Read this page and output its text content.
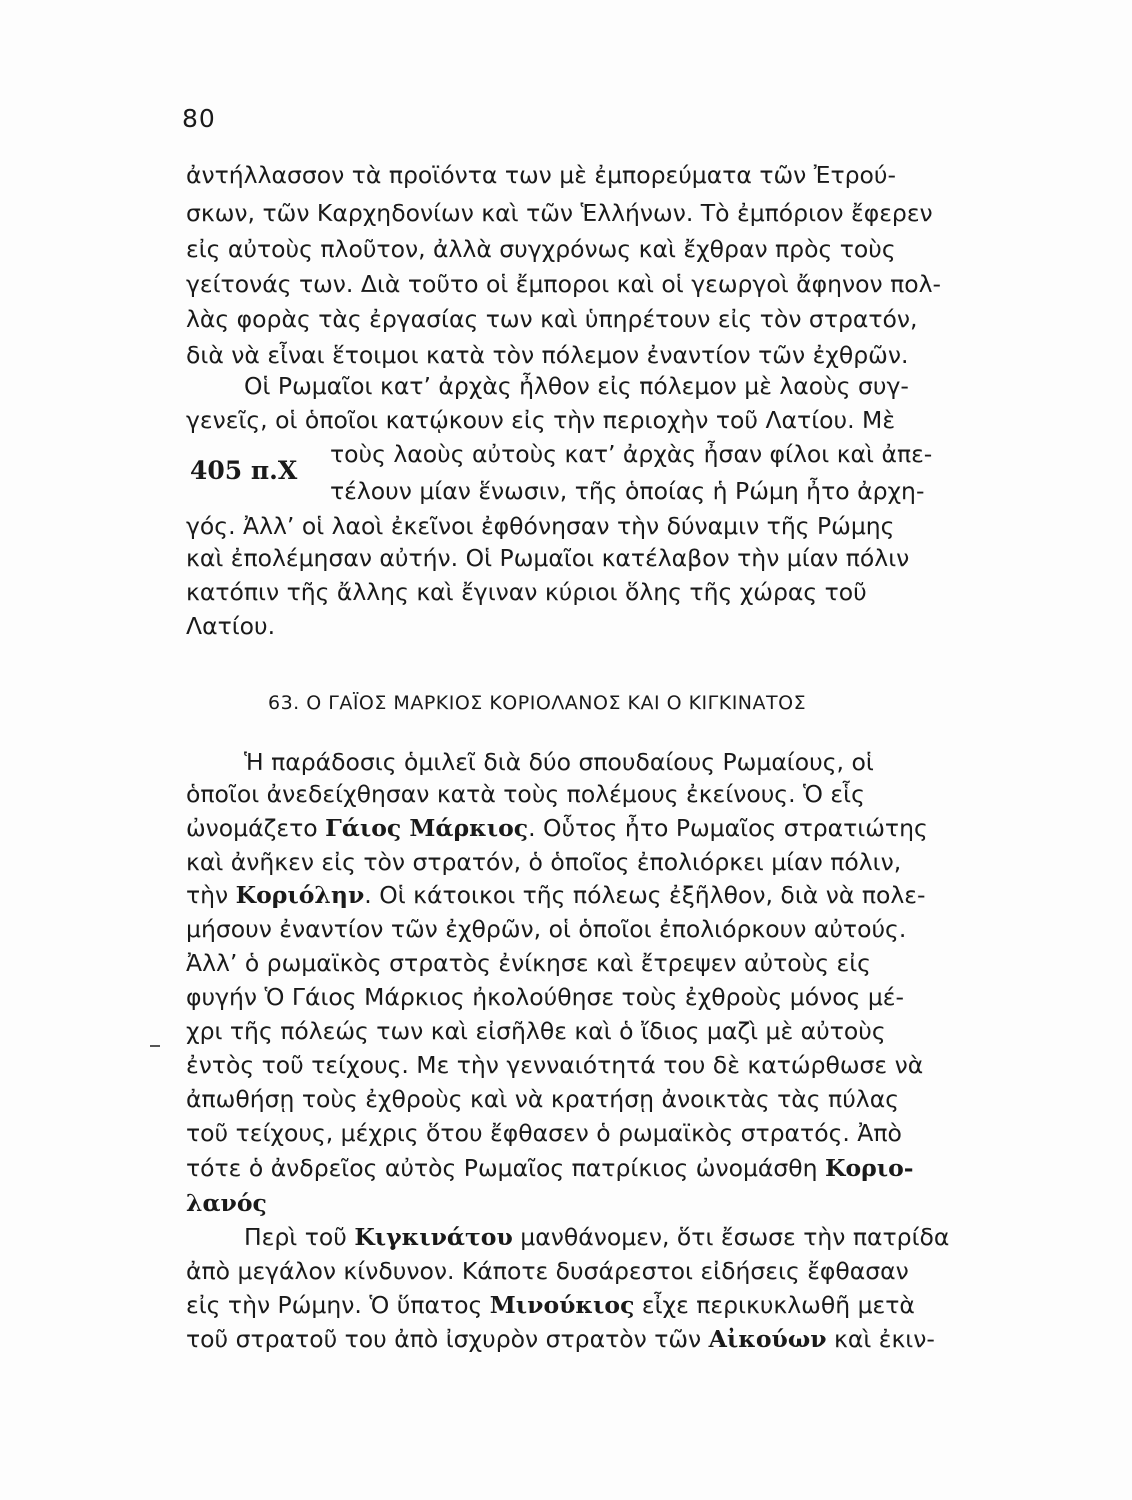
80
ἀντήλλασσον τὰ προϊόντα των μὲ ἐμπορεύματα τῶν Ἐτρού-
σκων, τῶν Καρχηδονίων καὶ τῶν Ἑλλήνων. Τὸ ἐμπόριον ἔφερεν
εἰς αὐτοὺς πλοῦτον, ἀλλὰ συγχρόνως καὶ ἔχθραν πρὸς τοὺς
γείτονάς των. Διὰ τοῦτο οἱ ἔμποροι καὶ οἱ γεωργοὶ ἄφηνον πολ-
λὰς φορὰς τὰς ἐργασίας των καὶ ὑπηρέτουν εἰς τὸν στρατόν,
διὰ νὰ εἶναι ἕτοιμοι κατὰ τὸν πόλεμον ἐναντίον τῶν ἐχθρῶν.
Οἱ Ρωμαῖοι κατ’ ἀρχὰς ἦλθον εἰς πόλεμον μὲ λαοὺς συγ-
γενεῖς, οἱ ὁποῖοι κατῴκουν εἰς τὴν περιοχὴν τοῦ Λατίου. Μὲ
τοὺς λαοὺς αὐτοὺς κατ’ ἀρχὰς ἦσαν φίλοι καὶ ἀπε-
τέλουν μίαν ἕνωσιν, τῆς ὁποίας ἡ Ρώμη ἦτο ἀρχη-
γός. Ἀλλ’ οἱ λαοὶ ἐκεῖνοι ἐφθόνησαν τὴν δύναμιν τῆς Ρώμης
καὶ ἐπολέμησαν αὐτήν. Οἱ Ρωμαῖοι κατέλαβον τὴν μίαν πόλιν
κατόπιν τῆς ἄλλης καὶ ἔγιναν κύριοι ὅλης τῆς χώρας τοῦ
Λατίου.
405 π.Χ
63. Ο ΓΑΪΟΣ ΜΑΡΚΙΟΣ ΚΟΡΙΟΛΑΝΟΣ ΚΑΙ Ο ΚΙΓΚΙΝΑΤΟΣ
Ἡ παράδοσις ὁμιλεῖ διὰ δύο σπουδαίους Ρωμαίους, οἱ
ὁποῖοι ἀνεδείχθησαν κατὰ τοὺς πολέμους ἐκείνους. Ὁ εἷς
ὠνομάζετο Γάιος Μάρκιος. Οὗτος ἦτο Ρωμαῖος στρατιώτης
καὶ ἀνῆκεν εἰς τὸν στρατόν, ὁ ὁποῖος ἐπολιόρκει μίαν πόλιν,
τὴν Κοριόλην. Οἱ κάτοικοι τῆς πόλεως ἐξῆλθον, διὰ νὰ πολε-
μήσουν ἐναντίον τῶν ἐχθρῶν, οἱ ὁποῖοι ἐπολιόρκουν αὐτούς.
Ἀλλ’ ὁ ρωμαϊκὸς στρατὸς ἐνίκησε καὶ ἔτρεψεν αὐτοὺς εἰς
φυγήν Ὁ Γάιος Μάρκιος ἠκολούθησε τοὺς ἐχθροὺς μόνος μέ-
χρι τῆς πόλεώς των καὶ εἰσῆλθε καὶ ὁ ἴδιος μαζὶ μὲ αὐτοὺς
ἐντὸς τοῦ τείχους. Με τὴν γενναιότητά του δὲ κατώρθωσε νὰ
ἀπωθήσῃ τοὺς ἐχθροὺς καὶ νὰ κρατήσῃ ἀνοικτὰς τὰς πύλας
τοῦ τείχους, μέχρις ὅτου ἔφθασεν ὁ ρωμαϊκὸς στρατός. Ἀπὸ
τότε ὁ ἀνδρεῖος αὐτὸς Ρωμαῖος πατρίκιος ὠνομάσθη Κοριο-
λανός
Περὶ τοῦ Κιγκινάτου μανθάνομεν, ὅτι ἔσωσε τὴν πατρίδα
ἀπὸ μεγάλον κίνδυνον. Κάποτε δυσάρεστοι εἰδήσεις ἔφθασαν
εἰς τὴν Ρώμην. Ὁ ὕπατος Μινούκιος εἶχε περικυκλωθῆ μετὰ
τοῦ στρατοῦ του ἀπὸ ἰσχυρὸν στρατὸν τῶν Αἰκούων καὶ ἐκιν-
